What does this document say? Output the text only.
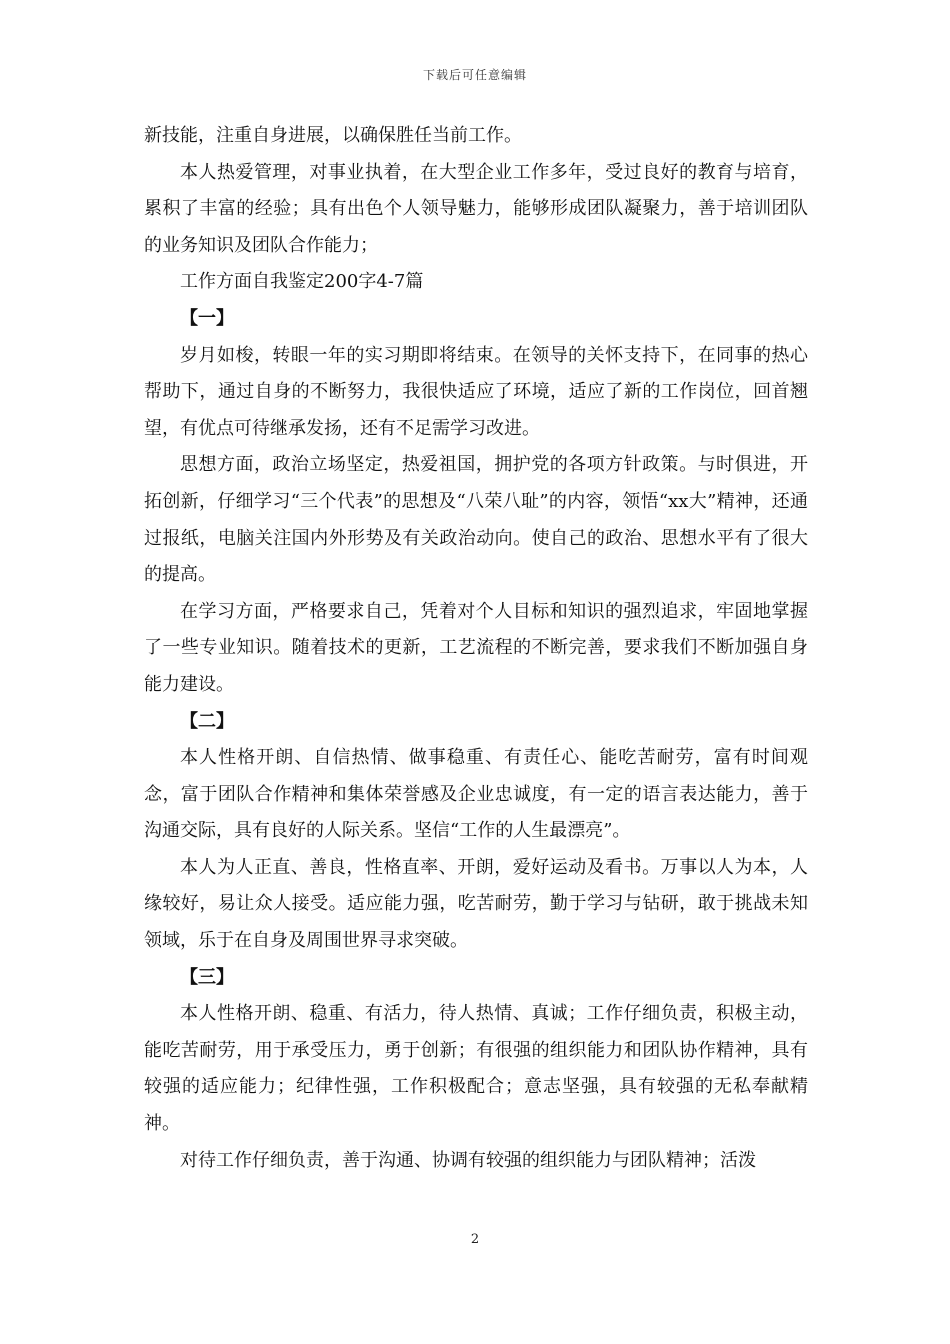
下载后可任意编辑

新技能，注重自身进展，以确保胜任当前工作。

本人热爱管理，对事业执着，在大型企业工作多年，受过良好的教育与培育，累积了丰富的经验；具有出色个人领导魅力，能够形成团队凝聚力，善于培训团队的业务知识及团队合作能力；

工作方面自我鉴定200字4-7篇

【一】

岁月如梭，转眼一年的实习期即将结束。在领导的关怀支持下，在同事的热心帮助下，通过自身的不断努力，我很快适应了环境，适应了新的工作岗位，回首翘望，有优点可待继承发扬，还有不足需学习改进。

思想方面，政治立场坚定，热爱祖国，拥护党的各项方针政策。与时俱进，开拓创新，仔细学习“三个代表”的思想及“八荣八耻”的内容，领悟“xx大”精神，还通过报纸，电脑关注国内外形势及有关政治动向。使自己的政治、思想水平有了很大的提高。

在学习方面，严格要求自己，凭着对个人目标和知识的强烈追求，牢固地掌握了一些专业知识。随着技术的更新，工艺流程的不断完善，要求我们不断加强自身能力建设。

【二】

本人性格开朗、自信热情、做事稳重、有责任心、能吃苦耐劳，富有时间观念，富于团队合作精神和集体荣誉感及企业忠诚度，有一定的语言表达能力，善于沟通交际，具有良好的人际关系。坚信“工作的人生最漂亮”。

本人为人正直、善良，性格直率、开朗，爱好运动及看书。万事以人为本，人缘较好，易让众人接受。适应能力强，吃苦耐劳，勤于学习与钻研，敢于挑战未知领域，乐于在自身及周围世界寻求突破。

【三】

本人性格开朗、稳重、有活力，待人热情、真诚；工作仔细负责，积极主动，能吃苦耐劳，用于承受压力，勇于创新；有很强的组织能力和团队协作精神，具有较强的适应能力；纪律性强，工作积极配合；意志坚强，具有较强的无私奉献精神。

对待工作仔细负责，善于沟通、协调有较强的组织能力与团队精神；活泼

2
